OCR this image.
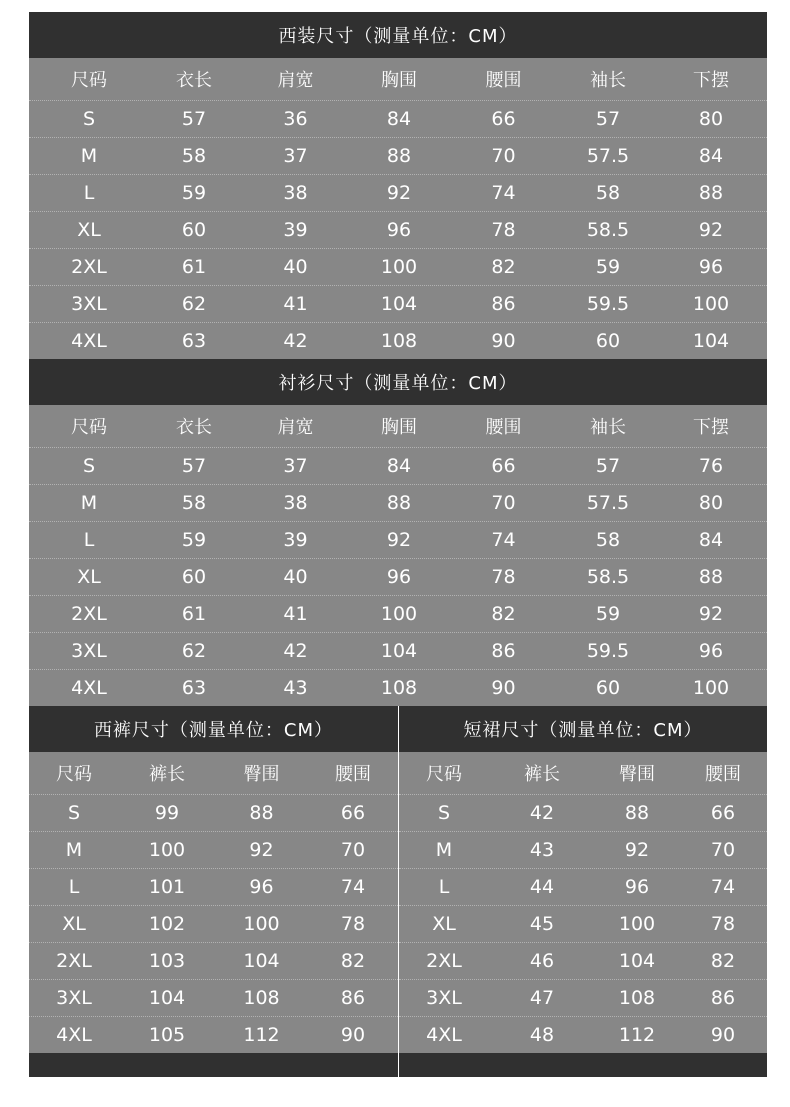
西装尺寸（测量单位：CM）
尺码	衣长	肩宽	胸围	腰围	袖长	下摆
S	57	36	84	66	57	80
M	58	37	88	70	57.5	84
L	59	38	92	74	58	88
XL	60	39	96	78	58.5	92
2XL	61	40	100	82	59	96
3XL	62	41	104	86	59.5	100
4XL	63	42	108	90	60	104
衬衫尺寸（测量单位：CM）
尺码	衣长	肩宽	胸围	腰围	袖长	下摆
S	57	37	84	66	57	76
M	58	38	88	70	57.5	80
L	59	39	92	74	58	84
XL	60	40	96	78	58.5	88
2XL	61	41	100	82	59	92
3XL	62	42	104	86	59.5	96
4XL	63	43	108	90	60	100
西裤尺寸（测量单位：CM）
尺码	裤长	臀围	腰围
S	99	88	66
M	100	92	70
L	101	96	74
XL	102	100	78
2XL	103	104	82
3XL	104	108	86
4XL	105	112	90
短裙尺寸（测量单位：CM）
尺码	裤长	臀围	腰围
S	42	88	66
M	43	92	70
L	44	96	74
XL	45	100	78
2XL	46	104	82
3XL	47	108	86
4XL	48	112	90
